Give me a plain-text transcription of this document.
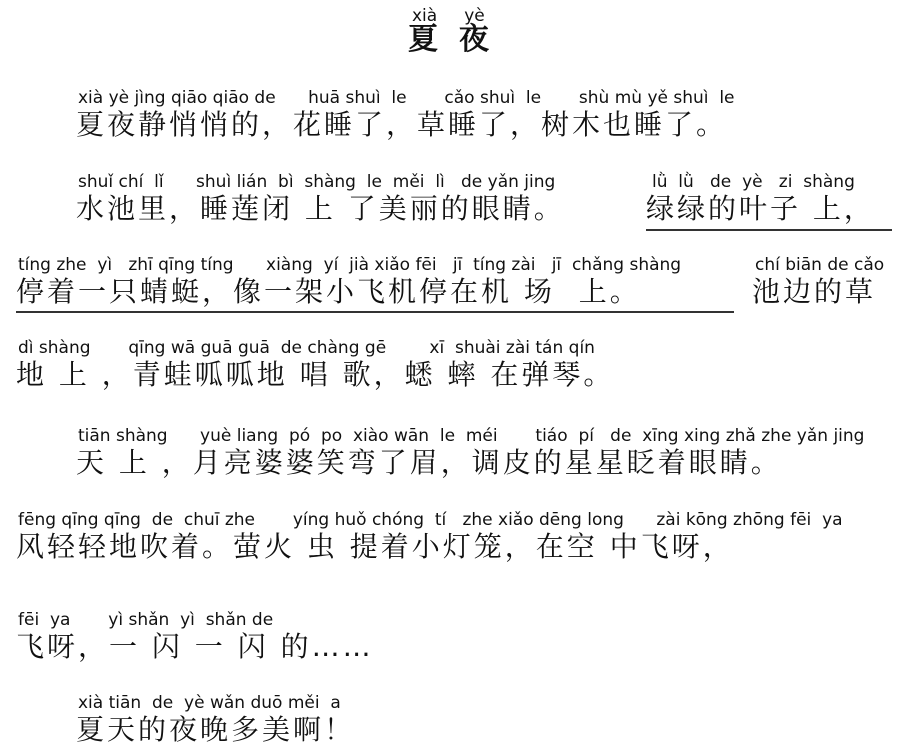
xià     yè
夏  夜
xià yè jìng qiāo qiāo de      huā shuì  le       cǎo shuì  le       shù mù yě shuì  le
夏夜静悄悄的，花睡了，草睡了，树木也睡了。
shuǐ chí  lǐ      shuì lián  bì  shàng  le  měi  lì   de yǎn jing
水池里，睡莲闭 上 了美丽的眼睛。
lǜ  lǜ   de  yè   zi  shàng
绿绿的叶子 上，
tíng zhe  yì   zhī qīng tíng      xiàng  yí  jià xiǎo fēi   jī  tíng zài   jī  chǎng shàng
停着一只蜻蜓，像一架小飞机停在机 场  上。
chí biān de cǎo
池边的草
dì shàng       qīng wā guā guā  de chàng gē        xī  shuài zài tán qín
地 上 ，青蛙呱呱地 唱 歌，蟋 蟀 在弹琴。
tiān shàng      yuè liang  pó  po  xiào wān  le  méi       tiáo  pí   de  xīng xing zhǎ zhe yǎn jing
天 上 ，月亮婆婆笑弯了眉，调皮的星星眨着眼睛。
fēng qīng qīng  de  chuī zhe       yíng huǒ chóng  tí   zhe xiǎo dēng long      zài kōng zhōng fēi  ya
风轻轻地吹着。萤火 虫 提着小灯笼，在空 中飞呀，
fēi  ya       yì shǎn  yì  shǎn de
飞呀，一 闪 一 闪 的……
xià tiān  de  yè wǎn duō měi  a
夏天的夜晚多美啊！
